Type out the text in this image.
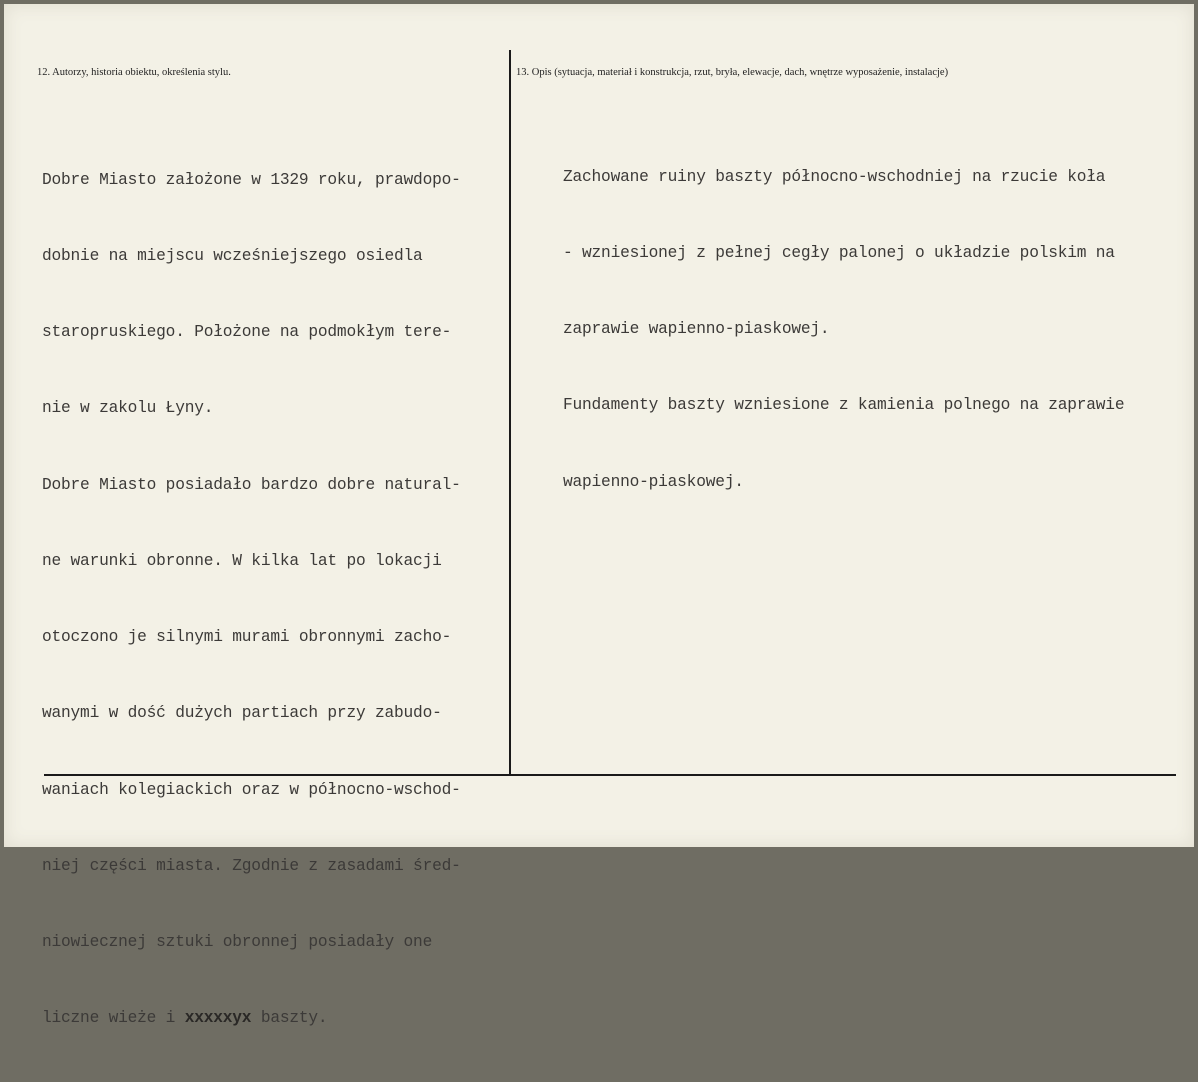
12. Autorzy, historia obiektu, określenia stylu.	13. Opis (sytuacja, materiał i konstrukcja, rzut, bryła, elewacje, dach, wnętrze wyposażenie, instalacje)

Dobre Miasto założone w 1329 roku, prawdopo-

dobnie na miejscu wcześniejszego osiedla

staropruskiego. Położone na podmokłym tere-

nie w zakolu Łyny.

Dobre Miasto posiadało bardzo dobre natural-

ne warunki obronne. W kilka lat po lokacji

otoczono je silnymi murami obronnymi zacho-

wanymi w dość dużych partiach przy zabudo-

waniach kolegiackich oraz w północno-wschod-

niej części miasta. Zgodnie z zasadami śred-

niowiecznej sztuki obronnej posiadały one

liczne wieże i xxxxxyx baszty.

Zachowane ruiny baszty północno-wschodniej na rzucie koła

- wzniesionej z pełnej cegły palonej o układzie polskim na

zaprawie wapienno-piaskowej.

Fundamenty baszty wzniesione z kamienia polnego na zaprawie

wapienno-piaskowej.
